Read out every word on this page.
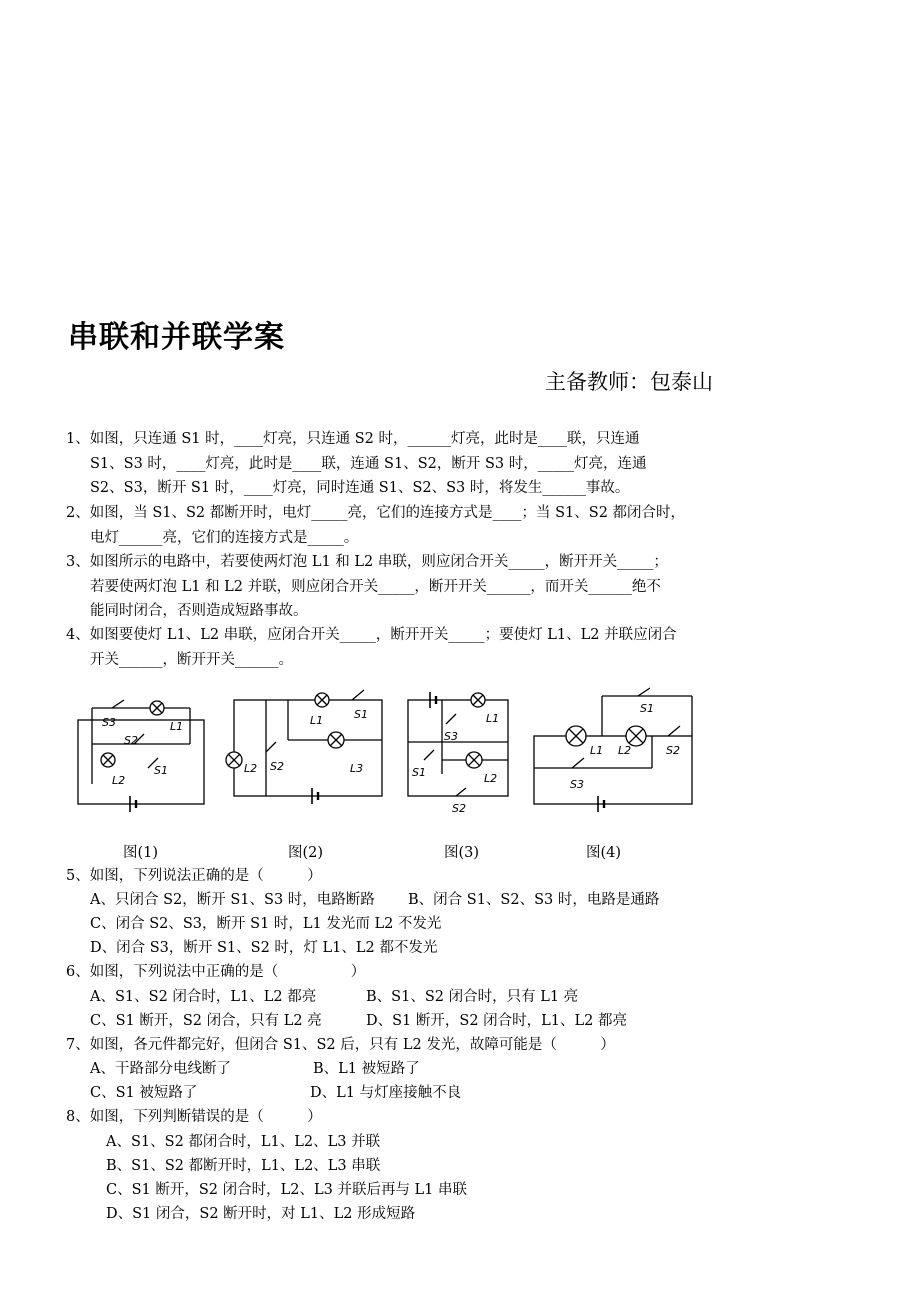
串联和并联学案
主备教师：包泰山
1、如图，只连通 S1 时，____灯亮，只连通 S2 时，______灯亮，此时是____联，只连通
S1、S3 时，____灯亮，此时是____联，连通 S1、S2，断开 S3 时，_____灯亮，连通
S2、S3，断开 S1 时，____灯亮，同时连通 S1、S2、S3 时，将发生______事故。
2、如图，当 S1、S2 都断开时，电灯_____亮，它们的连接方式是____；当 S1、S2 都闭合时，
电灯______亮，它们的连接方式是_____。
3、如图所示的电路中，若要使两灯泡 L1 和 L2 串联，则应闭合开关_____，断开开关_____；
若要使两灯泡 L1 和 L2 并联，则应闭合开关_____，断开开关______，而开关______绝不
能同时闭合，否则造成短路事故。
4、如图要使灯 L1、L2 串联，应闭合开关_____，断开开关_____；要使灯 L1、L2 并联应闭合
开关______，断开开关______。
S3
S2
L1
L2
S1
L1	S1
L2 S2	L3
L1
S1
S3
L2
S2
S1
L1 L2	S2
S3
图(1)	图(2)	图(3)	图(4)
5、如图，下列说法正确的是（　　　）
A、只闭合 S2，断开 S1、S3 时，电路断路 B、闭合 S1、S2、S3 时，电路是通路
C、闭合 S2、S3，断开 S1 时，L1 发光而 L2 不发光
D、闭合 S3，断开 S1、S2 时，灯 L1、L2 都不发光
6、如图，下列说法中正确的是（　　　　　）
A、S1、S2 闭合时，L1、L2 都亮	B、S1、S2 闭合时，只有 L1 亮
C、S1 断开，S2 闭合，只有 L2 亮	D、S1 断开，S2 闭合时，L1、L2 都亮
7、如图，各元件都完好，但闭合 S1、S2 后，只有 L2 发光，故障可能是（　　　）
A、干路部分电线断了	B、L1 被短路了
C、S1 被短路了	D、L1 与灯座接触不良
8、如图，下列判断错误的是（　　　）
A、S1、S2 都闭合时，L1、L2、L3 并联
B、S1、S2 都断开时，L1、L2、L3 串联
C、S1 断开，S2 闭合时，L2、L3 并联后再与 L1 串联
D、S1 闭合，S2 断开时，对 L1、L2 形成短路
